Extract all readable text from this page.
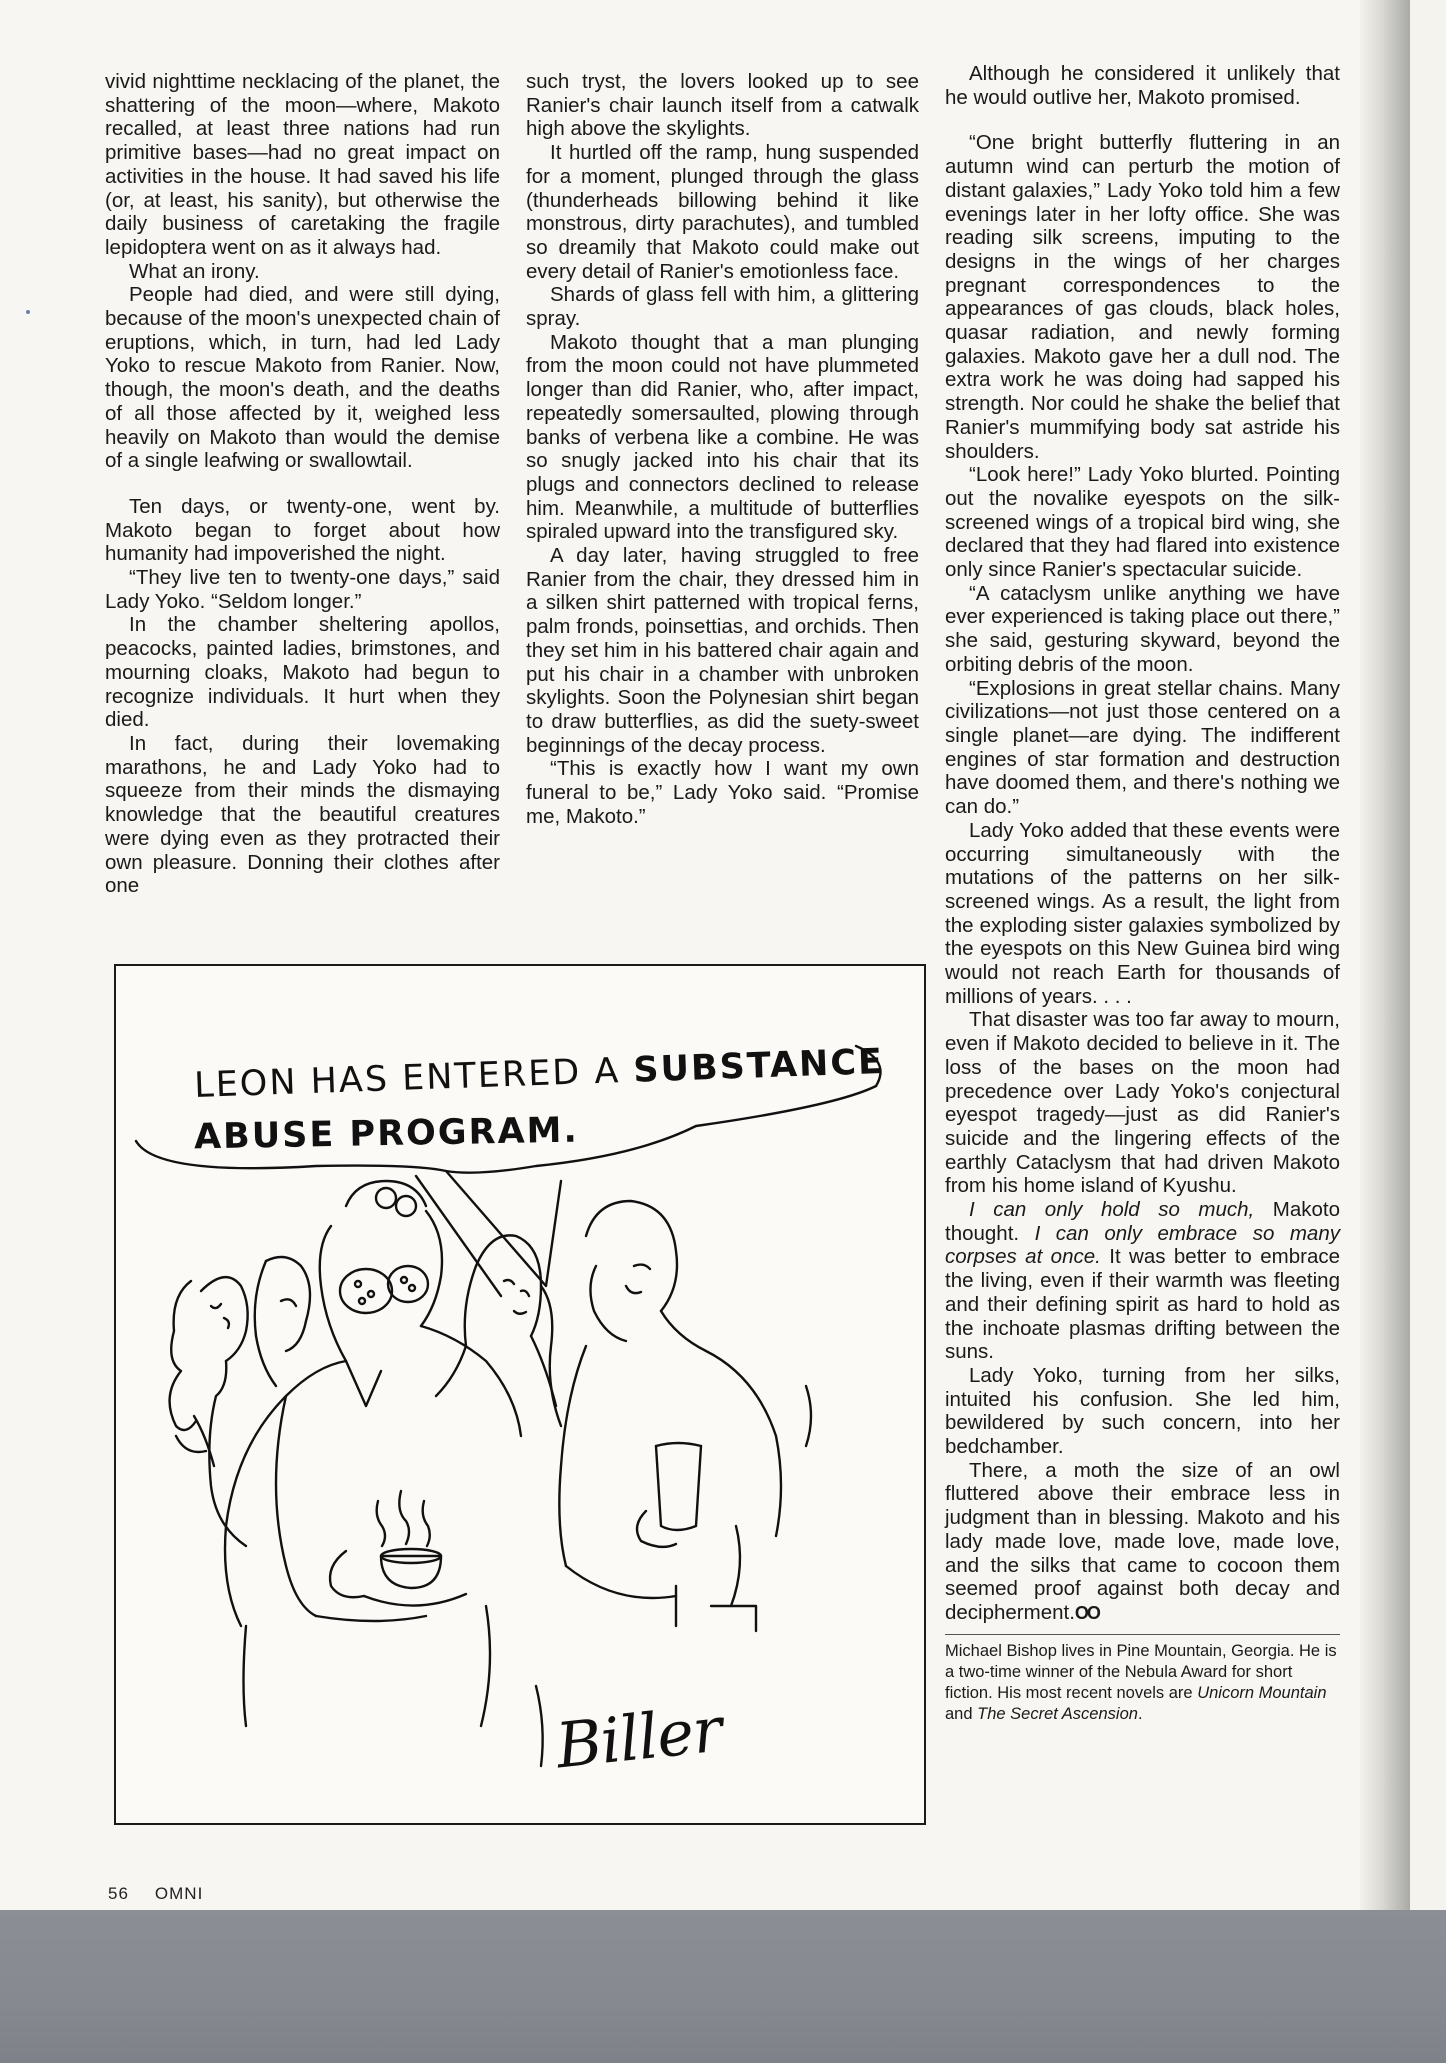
vivid nighttime necklacing of the planet, the shattering of the moon—where, Makoto recalled, at least three nations had run primitive bases—had no great impact on activities in the house. It had saved his life (or, at least, his sanity), but otherwise the daily business of caretaking the fragile lepidoptera went on as it always had.

What an irony.

People had died, and were still dying, because of the moon's unexpected chain of eruptions, which, in turn, had led Lady Yoko to rescue Makoto from Ranier. Now, though, the moon's death, and the deaths of all those affected by it, weighed less heavily on Makoto than would the demise of a single leafwing or swallowtail.

Ten days, or twenty-one, went by. Makoto began to forget about how humanity had impoverished the night.

“They live ten to twenty-one days,” said Lady Yoko. “Seldom longer.”

In the chamber sheltering apollos, peacocks, painted ladies, brimstones, and mourning cloaks, Makoto had begun to recognize individuals. It hurt when they died.

In fact, during their lovemaking marathons, he and Lady Yoko had to squeeze from their minds the dismaying knowledge that the beautiful creatures were dying even as they protracted their own pleasure. Donning their clothes after one

such tryst, the lovers looked up to see Ranier's chair launch itself from a catwalk high above the skylights.

It hurtled off the ramp, hung suspended for a moment, plunged through the glass (thunderheads billowing behind it like monstrous, dirty parachutes), and tumbled so dreamily that Makoto could make out every detail of Ranier's emotionless face.

Shards of glass fell with him, a glittering spray.

Makoto thought that a man plunging from the moon could not have plummeted longer than did Ranier, who, after impact, repeatedly somersaulted, plowing through banks of verbena like a combine. He was so snugly jacked into his chair that its plugs and connectors declined to release him. Meanwhile, a multitude of butterflies spiraled upward into the transfigured sky.

A day later, having struggled to free Ranier from the chair, they dressed him in a silken shirt patterned with tropical ferns, palm fronds, poinsettias, and orchids. Then they set him in his battered chair again and put his chair in a chamber with unbroken skylights. Soon the Polynesian shirt began to draw butterflies, as did the suety-sweet beginnings of the decay process.

“This is exactly how I want my own funeral to be,” Lady Yoko said. “Promise me, Makoto.”

Although he considered it unlikely that he would outlive her, Makoto promised.

“One bright butterfly fluttering in an autumn wind can perturb the motion of distant galaxies,” Lady Yoko told him a few evenings later in her lofty office. She was reading silk screens, imputing to the designs in the wings of her charges pregnant correspondences to the appearances of gas clouds, black holes, quasar radiation, and newly forming galaxies. Makoto gave her a dull nod. The extra work he was doing had sapped his strength. Nor could he shake the belief that Ranier's mummifying body sat astride his shoulders.

“Look here!” Lady Yoko blurted. Pointing out the novalike eyespots on the silk-screened wings of a tropical bird wing, she declared that they had flared into existence only since Ranier's spectacular suicide.

“A cataclysm unlike anything we have ever experienced is taking place out there,” she said, gesturing skyward, beyond the orbiting debris of the moon.

“Explosions in great stellar chains. Many civilizations—not just those centered on a single planet—are dying. The indifferent engines of star formation and destruction have doomed them, and there's nothing we can do.”

Lady Yoko added that these events were occurring simultaneously with the mutations of the patterns on her silk-screened wings. As a result, the light from the exploding sister galaxies symbolized by the eyespots on this New Guinea bird wing would not reach Earth for thousands of millions of years. . . .

That disaster was too far away to mourn, even if Makoto decided to believe in it. The loss of the bases on the moon had precedence over Lady Yoko's conjectural eyespot tragedy—just as did Ranier's suicide and the lingering effects of the earthly Cataclysm that had driven Makoto from his home island of Kyushu.

I can only hold so much, Makoto thought. I can only embrace so many corpses at once. It was better to embrace the living, even if their warmth was fleeting and their defining spirit as hard to hold as the inchoate plasmas drifting between the suns.

Lady Yoko, turning from her silks, intuited his confusion. She led him, bewildered by such concern, into her bedchamber.

There, a moth the size of an owl fluttered above their embrace less in judgment than in blessing. Makoto and his lady made love, made love, made love, and the silks that came to cocoon them seemed proof against both decay and decipherment.OO

Michael Bishop lives in Pine Mountain, Georgia. He is a two-time winner of the Nebula Award for short fiction. His most recent novels are Unicorn Mountain and The Secret Ascension.
LEON HAS ENTERED A SUBSTANCE
ABUSE PROGRAM.
Biller
56 OMNI
